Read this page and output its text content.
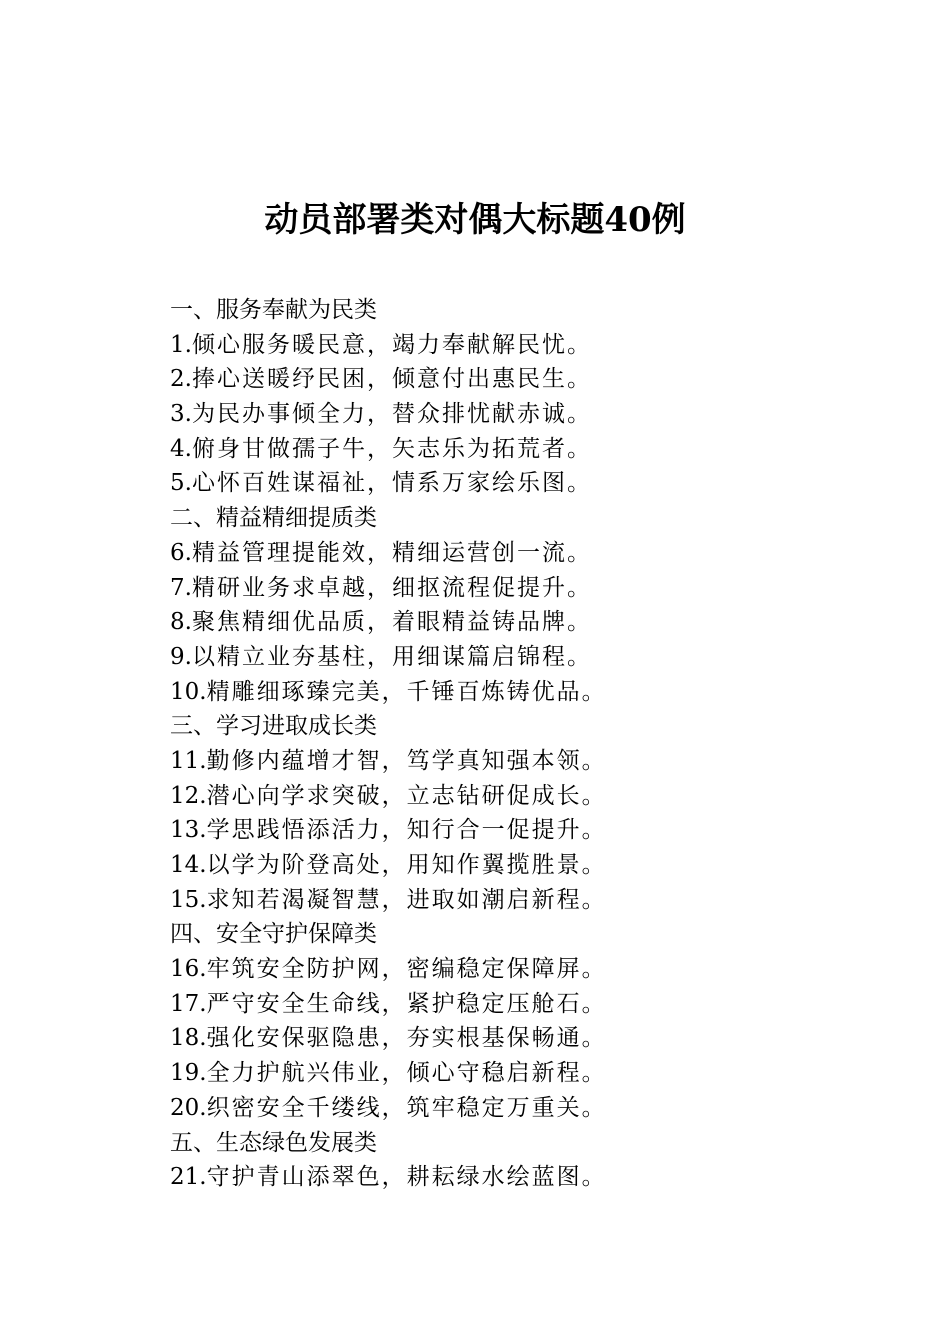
动员部署类对偶大标题40例
一、服务奉献为民类
1.倾心服务暖民意，竭力奉献解民忧。
2.捧心送暖纾民困，倾意付出惠民生。
3.为民办事倾全力，替众排忧献赤诚。
4.俯身甘做孺子牛，矢志乐为拓荒者。
5.心怀百姓谋福祉，情系万家绘乐图。
二、精益精细提质类
6.精益管理提能效，精细运营创一流。
7.精研业务求卓越，细抠流程促提升。
8.聚焦精细优品质，着眼精益铸品牌。
9.以精立业夯基柱，用细谋篇启锦程。
10.精雕细琢臻完美，千锤百炼铸优品。
三、学习进取成长类
11.勤修内蕴增才智，笃学真知强本领。
12.潜心向学求突破，立志钻研促成长。
13.学思践悟添活力，知行合一促提升。
14.以学为阶登高处，用知作翼揽胜景。
15.求知若渴凝智慧，进取如潮启新程。
四、安全守护保障类
16.牢筑安全防护网，密编稳定保障屏。
17.严守安全生命线，紧护稳定压舱石。
18.强化安保驱隐患，夯实根基保畅通。
19.全力护航兴伟业，倾心守稳启新程。
20.织密安全千缕线，筑牢稳定万重关。
五、生态绿色发展类
21.守护青山添翠色，耕耘绿水绘蓝图。
